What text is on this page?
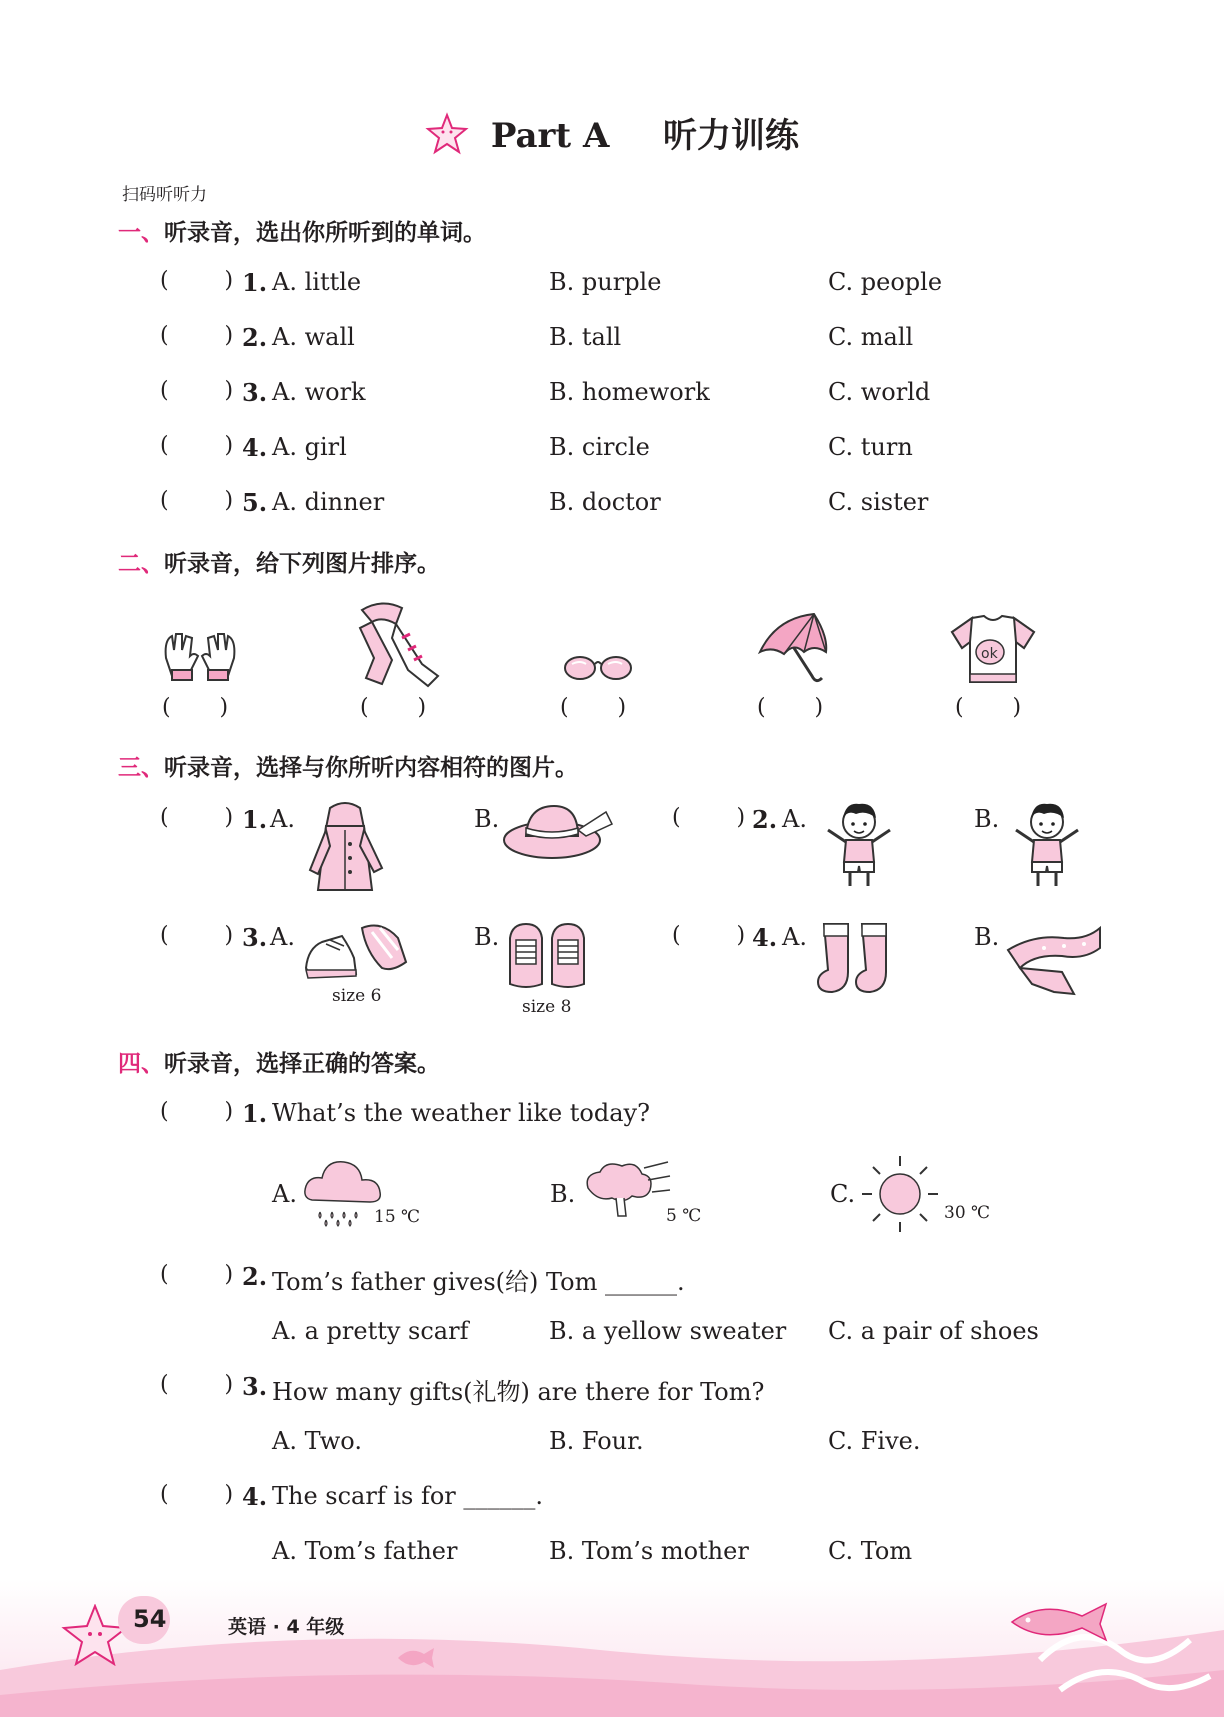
Part A 听力训练
扫码听听力
一、听录音，选出你所听到的单词。
(        ) 1. A. little	B. purple	C. people
(        ) 2. A. wall	B. tall	C. mall
(        ) 3. A. work	B. homework	C. world
(        ) 4. A. girl	B. circle	C. turn
(        ) 5. A. dinner	B. doctor	C. sister
二、听录音，给下列图片排序。
(       )	(       )	(       )	(       )
ok
(       )
三、听录音，选择与你所听内容相符的图片。
(        ) 1. A.	B.	(        ) 2. A.	B.
(        ) 3. A.
size 6
B.
size 8
(        ) 4. A.	B.
四、听录音，选择正确的答案。
(        ) 1. What’s the weather like today?
A.
15 ℃
B.
5 ℃
C.
30 ℃
(        ) 2. Tom’s father gives(给) Tom ______.
A. a pretty scarf	B. a yellow sweater C. a pair of shoes
(        ) 3. How many gifts(礼物) are there for Tom?
A. Two.	B. Four.	C. Five.
(        ) 4. The scarf is for ______.
A. Tom’s father	B. Tom’s mother	C. Tom
54	英语 · 4 年级
